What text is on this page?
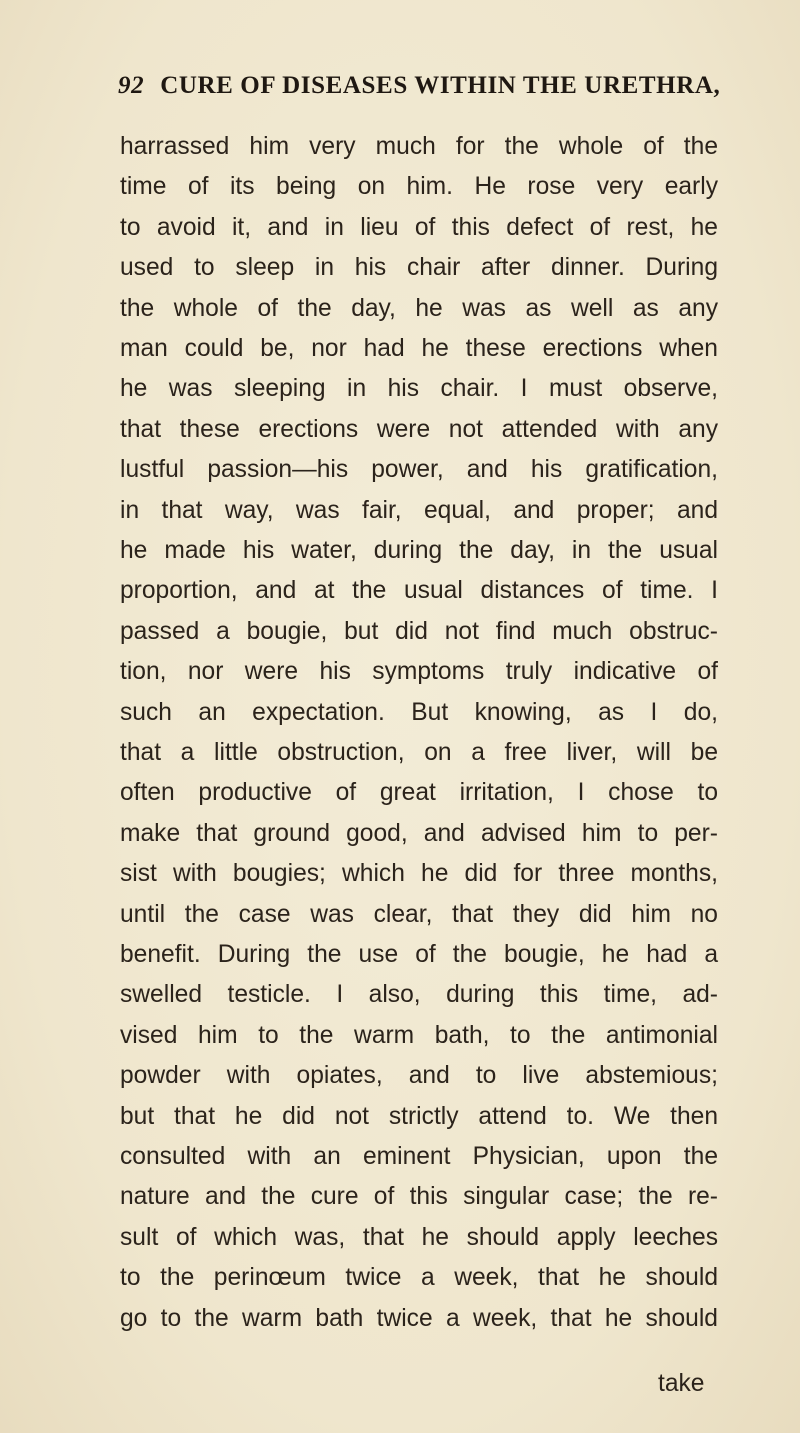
92 CURE OF DISEASES WITHIN THE URETHRA,
harrassed him very much for the whole of the
time of its being on him. He rose very early
to avoid it, and in lieu of this defect of rest, he
used to sleep in his chair after dinner. During
the whole of the day, he was as well as any
man could be, nor had he these erections when
he was sleeping in his chair. I must observe,
that these erections were not attended with any
lustful passion—his power, and his gratification,
in that way, was fair, equal, and proper; and
he made his water, during the day, in the usual
proportion, and at the usual distances of time. I
passed a bougie, but did not find much obstruc-
tion, nor were his symptoms truly indicative of
such an expectation. But knowing, as I do,
that a little obstruction, on a free liver, will be
often productive of great irritation, I chose to
make that ground good, and advised him to per-
sist with bougies; which he did for three months,
until the case was clear, that they did him no
benefit. During the use of the bougie, he had a
swelled testicle. I also, during this time, ad-
vised him to the warm bath, to the antimonial
powder with opiates, and to live abstemious;
but that he did not strictly attend to. We then
consulted with an eminent Physician, upon the
nature and the cure of this singular case; the re-
sult of which was, that he should apply leeches
to the perinœum twice a week, that he should
go to the warm bath twice a week, that he should
take
